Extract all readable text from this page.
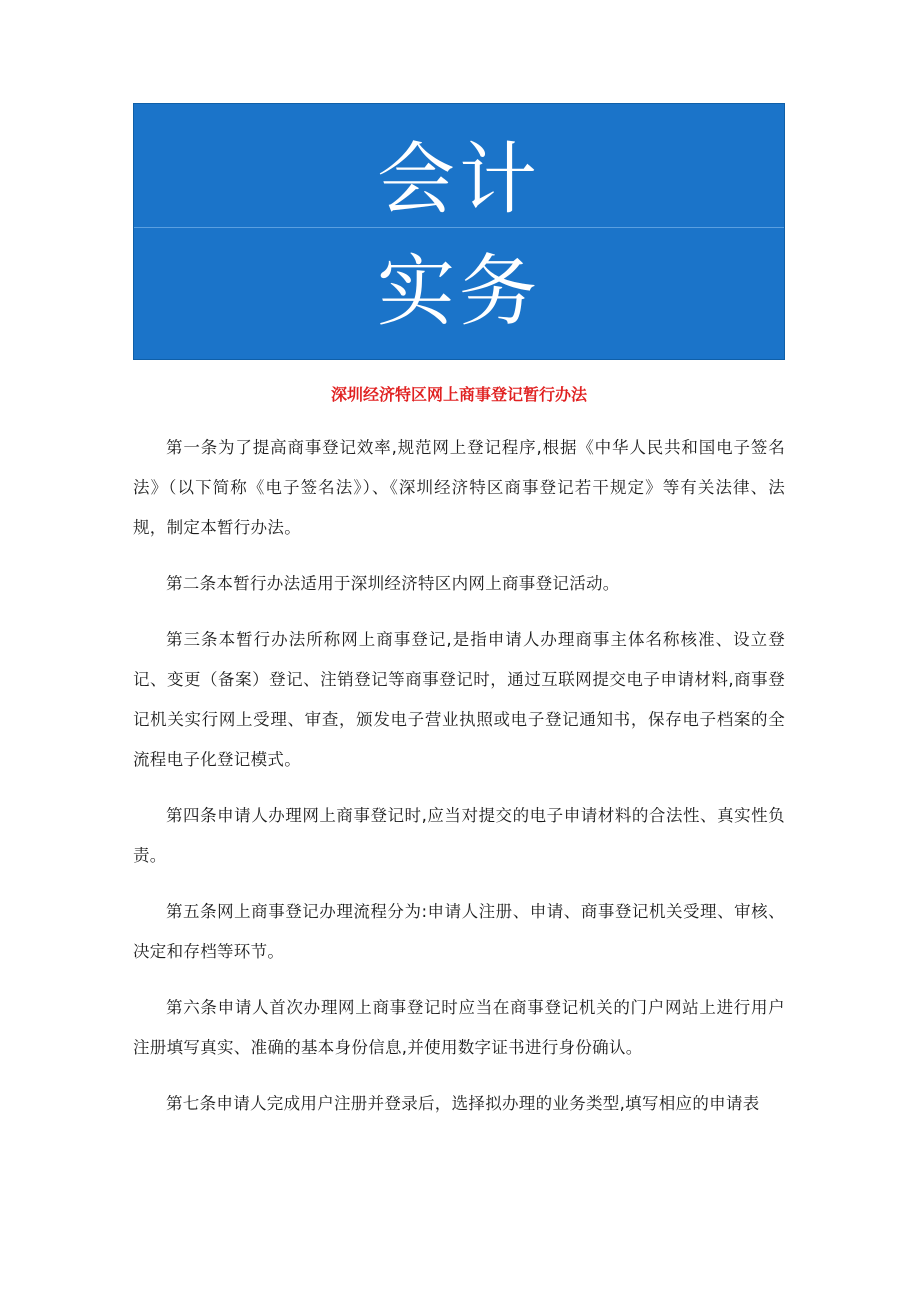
会计
实务
深圳经济特区网上商事登记暂行办法

第一条为了提高商事登记效率,规范网上登记程序,根据《中华人民共和国电子签名法》（以下简称《电子签名法》）、《深圳经济特区商事登记若干规定》等有关法律、法规，制定本暂行办法。

第二条本暂行办法适用于深圳经济特区内网上商事登记活动。

第三条本暂行办法所称网上商事登记,是指申请人办理商事主体名称核准、设立登记、变更（备案）登记、注销登记等商事登记时，通过互联网提交电子申请材料,商事登记机关实行网上受理、审查，颁发电子营业执照或电子登记通知书，保存电子档案的全流程电子化登记模式。

第四条申请人办理网上商事登记时,应当对提交的电子申请材料的合法性、真实性负责。

第五条网上商事登记办理流程分为:申请人注册、申请、商事登记机关受理、审核、决定和存档等环节。

第六条申请人首次办理网上商事登记时应当在商事登记机关的门户网站上进行用户注册填写真实、准确的基本身份信息,并使用数字证书进行身份确认。

第七条申请人完成用户注册并登录后，选择拟办理的业务类型,填写相应的申请表
